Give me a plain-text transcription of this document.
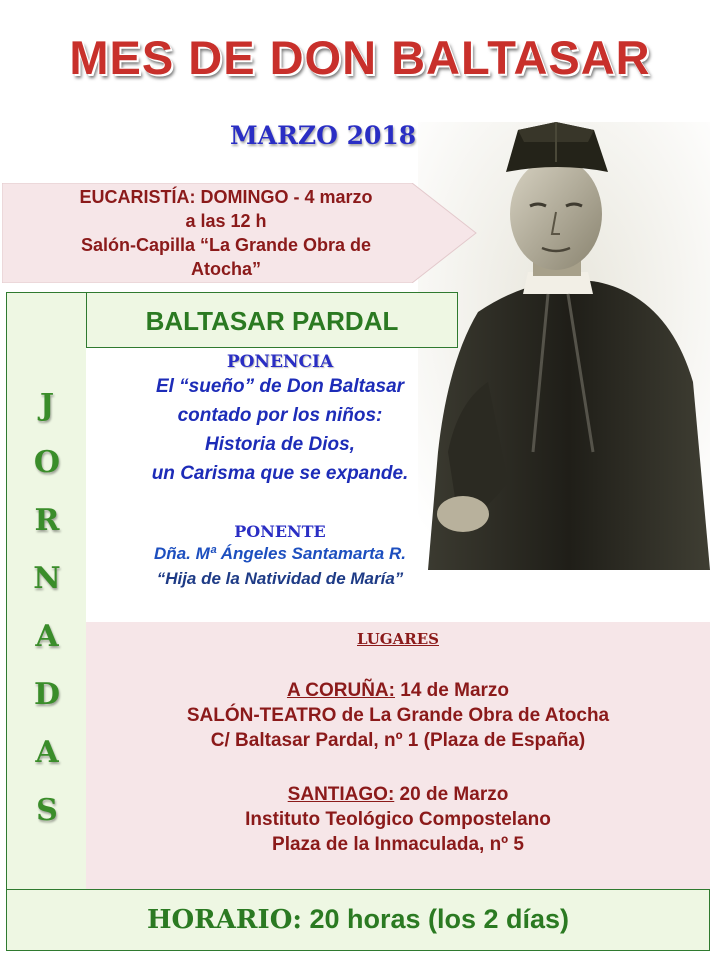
MES DE DON BALTASAR
MARZO 2018
EUCARISTÍA: DOMINGO - 4 marzo
a las 12 h
Salón-Capilla “La Grande Obra de
Atocha”
J
O
R
N
A
D
A
S
BALTASAR PARDAL
PONENCIA
El “sueño” de Don Baltasar
contado por los niños:
Historia de Dios,
un Carisma que se expande.
PONENTE
Dña. Mª Ángeles Santamarta R.
“Hija de la Natividad de María”
LUGARES
A CORUÑA: 14 de Marzo
SALÓN-TEATRO de La Grande Obra de Atocha
C/ Baltasar Pardal, nº 1 (Plaza de España)
SANTIAGO: 20 de Marzo
Instituto Teológico Compostelano
Plaza de la Inmaculada, nº 5
HORARIO: 20 horas (los 2 días)
